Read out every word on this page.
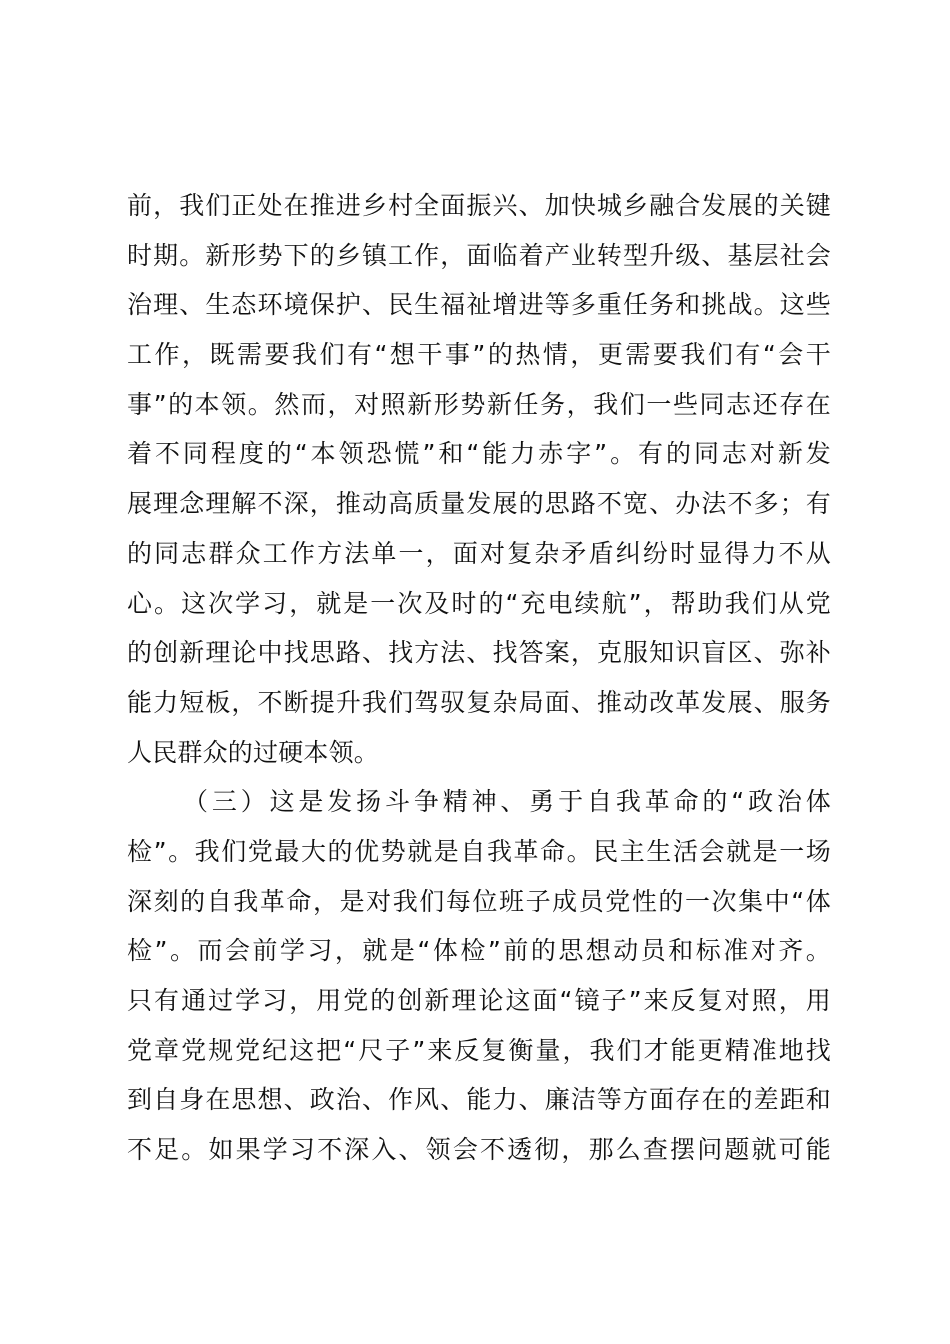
前，我们正处在推进乡村全面振兴、加快城乡融合发展的关键
时期。新形势下的乡镇工作，面临着产业转型升级、基层社会
治理、生态环境保护、民生福祉增进等多重任务和挑战。这些
工作，既需要我们有“想干事”的热情，更需要我们有“会干
事”的本领。然而，对照新形势新任务，我们一些同志还存在
着不同程度的“本领恐慌”和“能力赤字”。有的同志对新发
展理念理解不深，推动高质量发展的思路不宽、办法不多；有
的同志群众工作方法单一，面对复杂矛盾纠纷时显得力不从
心。这次学习，就是一次及时的“充电续航”，帮助我们从党
的创新理论中找思路、找方法、找答案，克服知识盲区、弥补
能力短板，不断提升我们驾驭复杂局面、推动改革发展、服务
人民群众的过硬本领。
（三）这是发扬斗争精神、勇于自我革命的“政治体
检”。我们党最大的优势就是自我革命。民主生活会就是一场
深刻的自我革命，是对我们每位班子成员党性的一次集中“体
检”。而会前学习，就是“体检”前的思想动员和标准对齐。
只有通过学习，用党的创新理论这面“镜子”来反复对照，用
党章党规党纪这把“尺子”来反复衡量，我们才能更精准地找
到自身在思想、政治、作风、能力、廉洁等方面存在的差距和
不足。如果学习不深入、领会不透彻，那么查摆问题就可能
